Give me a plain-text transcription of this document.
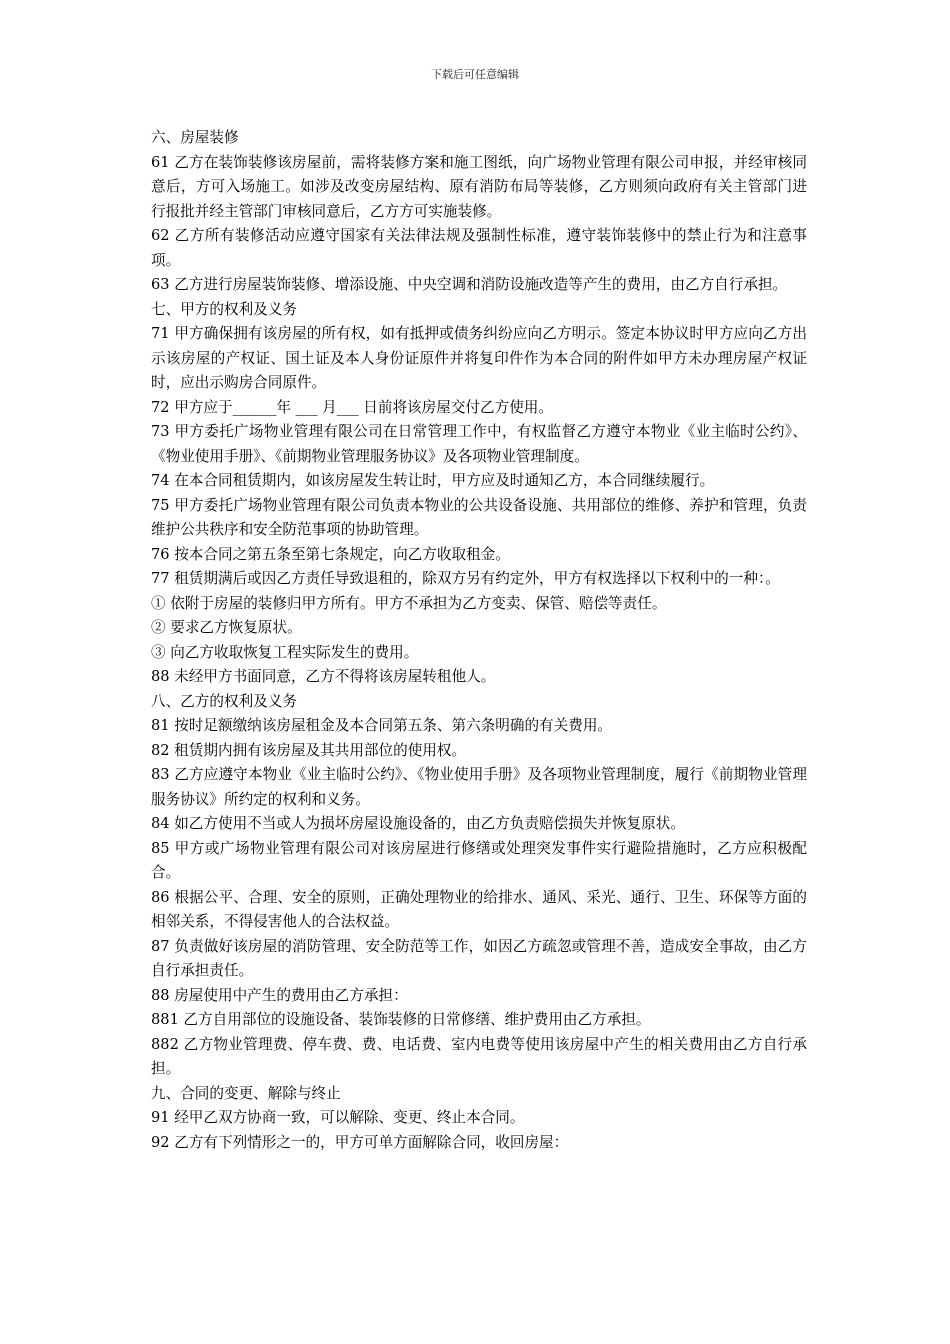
下载后可任意编辑

六、房屋装修

61 乙方在装饰装修该房屋前，需将装修方案和施工图纸，向广场物业管理有限公司申报，并经审核同意后，方可入场施工。如涉及改变房屋结构、原有消防布局等装修，乙方则须向政府有关主管部门进行报批并经主管部门审核同意后，乙方方可实施装修。

62 乙方所有装修活动应遵守国家有关法律法规及强制性标准，遵守装饰装修中的禁止行为和注意事项。

63 乙方进行房屋装饰装修、增添设施、中央空调和消防设施改造等产生的费用，由乙方自行承担。

七、甲方的权利及义务

71 甲方确保拥有该房屋的所有权，如有抵押或债务纠纷应向乙方明示。签定本协议时甲方应向乙方出示该房屋的产权证、国土证及本人身份证原件并将复印件作为本合同的附件如甲方未办理房屋产权证时，应出示购房合同原件。

72 甲方应于______年 ___ 月___ 日前将该房屋交付乙方使用。

73 甲方委托广场物业管理有限公司在日常管理工作中，有权监督乙方遵守本物业《业主临时公约》、《物业使用手册》、《前期物业管理服务协议》及各项物业管理制度。

74 在本合同租赁期内，如该房屋发生转让时，甲方应及时通知乙方，本合同继续履行。

75 甲方委托广场物业管理有限公司负责本物业的公共设备设施、共用部位的维修、养护和管理，负责维护公共秩序和安全防范事项的协助管理。

76 按本合同之第五条至第七条规定，向乙方收取租金。

77 租赁期满后或因乙方责任导致退租的，除双方另有约定外，甲方有权选择以下权利中的一种：。

① 依附于房屋的装修归甲方所有。甲方不承担为乙方变卖、保管、赔偿等责任。

② 要求乙方恢复原状。

③ 向乙方收取恢复工程实际发生的费用。

88 未经甲方书面同意，乙方不得将该房屋转租他人。

八、乙方的权利及义务

81 按时足额缴纳该房屋租金及本合同第五条、第六条明确的有关费用。

82 租赁期内拥有该房屋及其共用部位的使用权。

83 乙方应遵守本物业《业主临时公约》、《物业使用手册》及各项物业管理制度，履行《前期物业管理服务协议》所约定的权利和义务。

84 如乙方使用不当或人为损坏房屋设施设备的，由乙方负责赔偿损失并恢复原状。

85 甲方或广场物业管理有限公司对该房屋进行修缮或处理突发事件实行避险措施时，乙方应积极配合。

86 根据公平、合理、安全的原则，正确处理物业的给排水、通风、采光、通行、卫生、环保等方面的相邻关系，不得侵害他人的合法权益。

87 负责做好该房屋的消防管理、安全防范等工作，如因乙方疏忽或管理不善，造成安全事故，由乙方自行承担责任。

88 房屋使用中产生的费用由乙方承担：

881 乙方自用部位的设施设备、装饰装修的日常修缮、维护费用由乙方承担。

882 乙方物业管理费、停车费、费、电话费、室内电费等使用该房屋中产生的相关费用由乙方自行承担。

九、合同的变更、解除与终止

91 经甲乙双方协商一致，可以解除、变更、终止本合同。

92 乙方有下列情形之一的，甲方可单方面解除合同，收回房屋：
